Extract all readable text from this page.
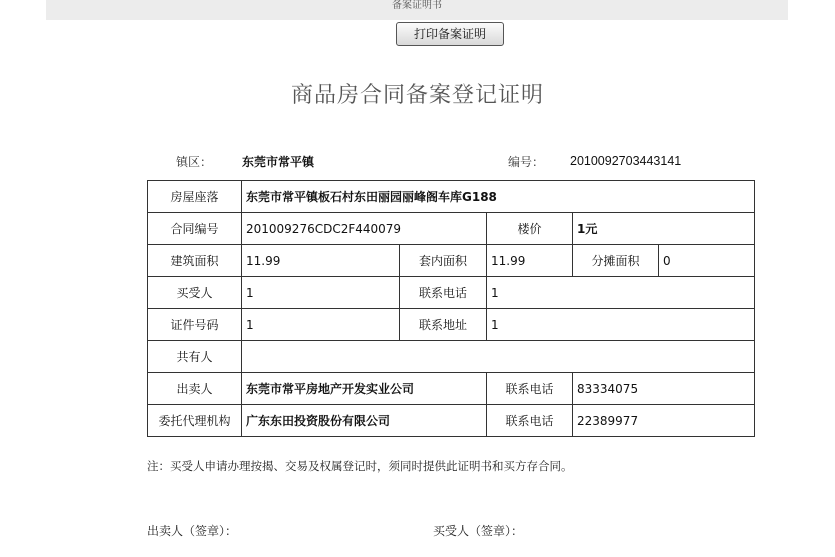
备案证明书
打印备案证明
商品房合同备案登记证明
镇区： 东莞市常平镇	编号： 2010092703443141
房屋座落	东莞市常平镇板石村东田丽园丽峰阁车库G188				
合同编号	201009276CDC2F440079		楼价	1元	
建筑面积	11.99	套内面积	11.99	分摊面积	0
买受人	1	联系电话	1		
证件号码	1	联系地址	1		
共有人					
出卖人	东莞市常平房地产开发实业公司		联系电话	83334075	
委托代理机构	广东东田投资股份有限公司		联系电话	22389977	
注：买受人申请办理按揭、交易及权属登记时，须同时提供此证明书和买方存合同。
出卖人（签章）：	买受人（签章）：
